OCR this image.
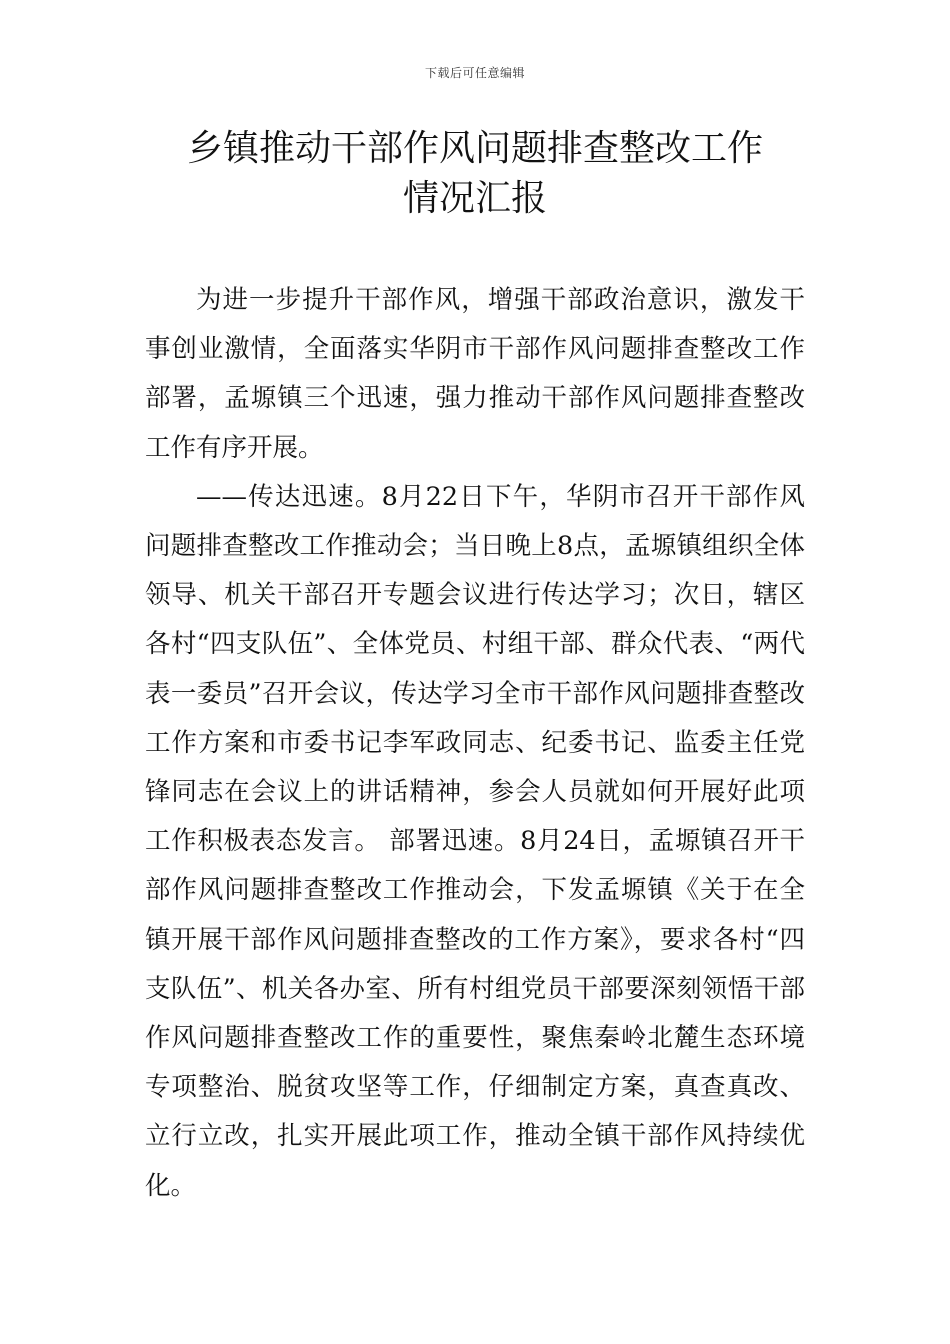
下载后可任意编辑
乡镇推动干部作风问题排查整改工作
情况汇报

为进一步提升干部作风，增强干部政治意识，激发干事创业激情，全面落实华阴市干部作风问题排查整改工作部署，孟塬镇三个迅速，强力推动干部作风问题排查整改工作有序开展。

——传达迅速。8月22日下午，华阴市召开干部作风问题排查整改工作推动会；当日晚上8点，孟塬镇组织全体领导、机关干部召开专题会议进行传达学习；次日，辖区各村“四支队伍”、全体党员、村组干部、群众代表、“两代表一委员”召开会议，传达学习全市干部作风问题排查整改工作方案和市委书记李军政同志、纪委书记、监委主任党锋同志在会议上的讲话精神，参会人员就如何开展好此项工作积极表态发言。 部署迅速。8月24日，孟塬镇召开干部作风问题排查整改工作推动会，下发孟塬镇《关于在全镇开展干部作风问题排查整改的工作方案》，要求各村“四支队伍”、机关各办室、所有村组党员干部要深刻领悟干部作风问题排查整改工作的重要性，聚焦秦岭北麓生态环境专项整治、脱贫攻坚等工作，仔细制定方案，真查真改、立行立改，扎实开展此项工作，推动全镇干部作风持续优化。
